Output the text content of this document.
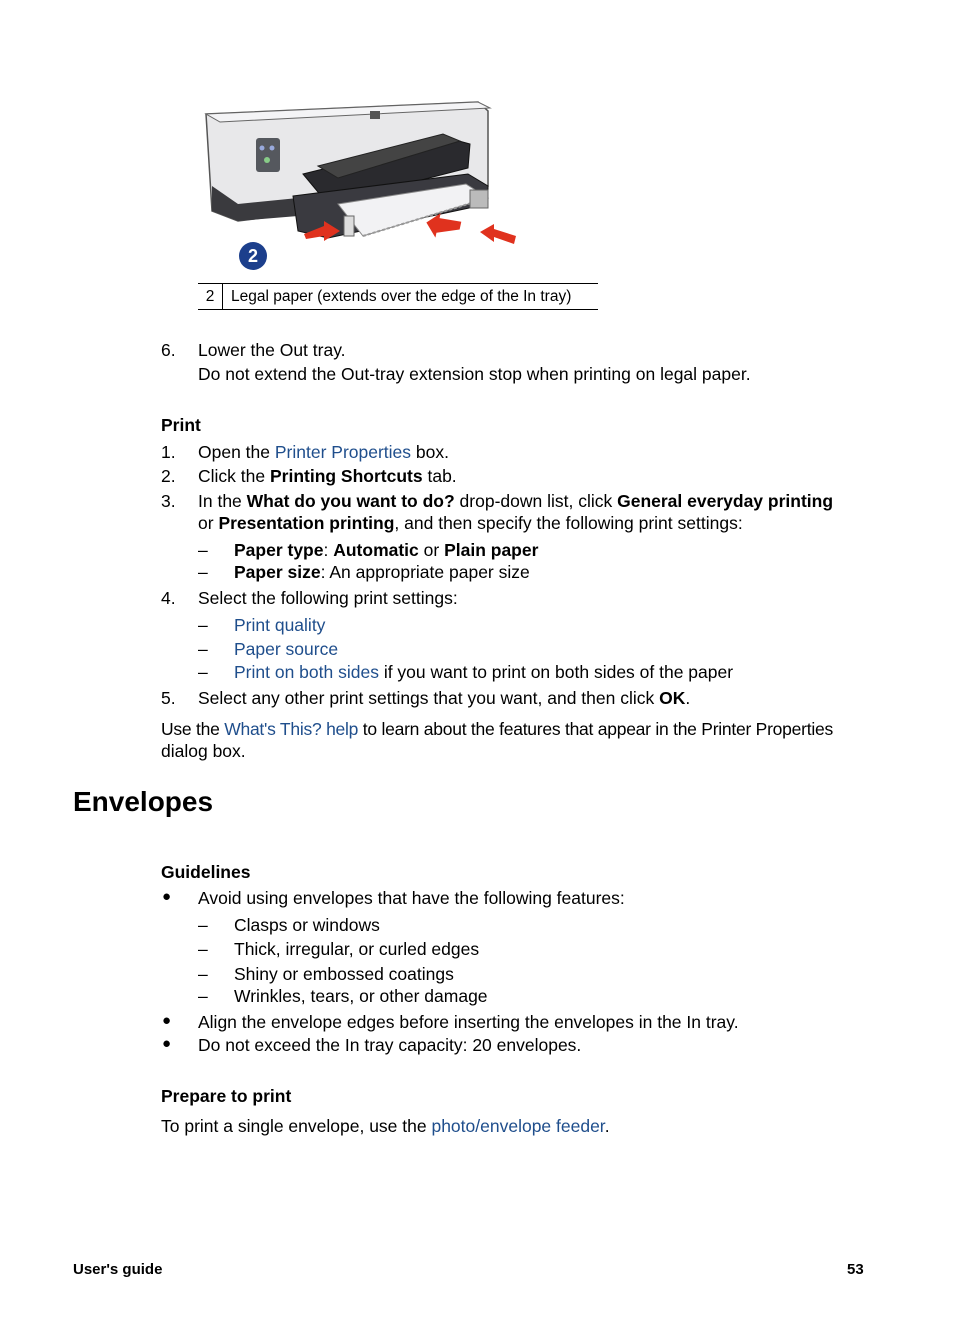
2
2	Legal paper (extends over the edge of the In tray)
6. Lower the Out tray.
Do not extend the Out-tray extension stop when printing on legal paper.
Print
1. Open the Printer Properties box.
2. Click the Printing Shortcuts tab.
3. In the What do you want to do? drop-down list, click General everyday printing
or Presentation printing, and then specify the following print settings:
– Paper type: Automatic or Plain paper
– Paper size: An appropriate paper size
4. Select the following print settings:
– Print quality
– Paper source
– Print on both sides if you want to print on both sides of the paper
5. Select any other print settings that you want, and then click OK.
Use the What's This? help to learn about the features that appear in the Printer Properties
dialog box.
Envelopes
Guidelines
● Avoid using envelopes that have the following features:
– Clasps or windows
– Thick, irregular, or curled edges
– Shiny or embossed coatings
– Wrinkles, tears, or other damage
● Align the envelope edges before inserting the envelopes in the In tray.
● Do not exceed the In tray capacity: 20 envelopes.
Prepare to print
To print a single envelope, use the photo/envelope feeder.
User's guide	53
